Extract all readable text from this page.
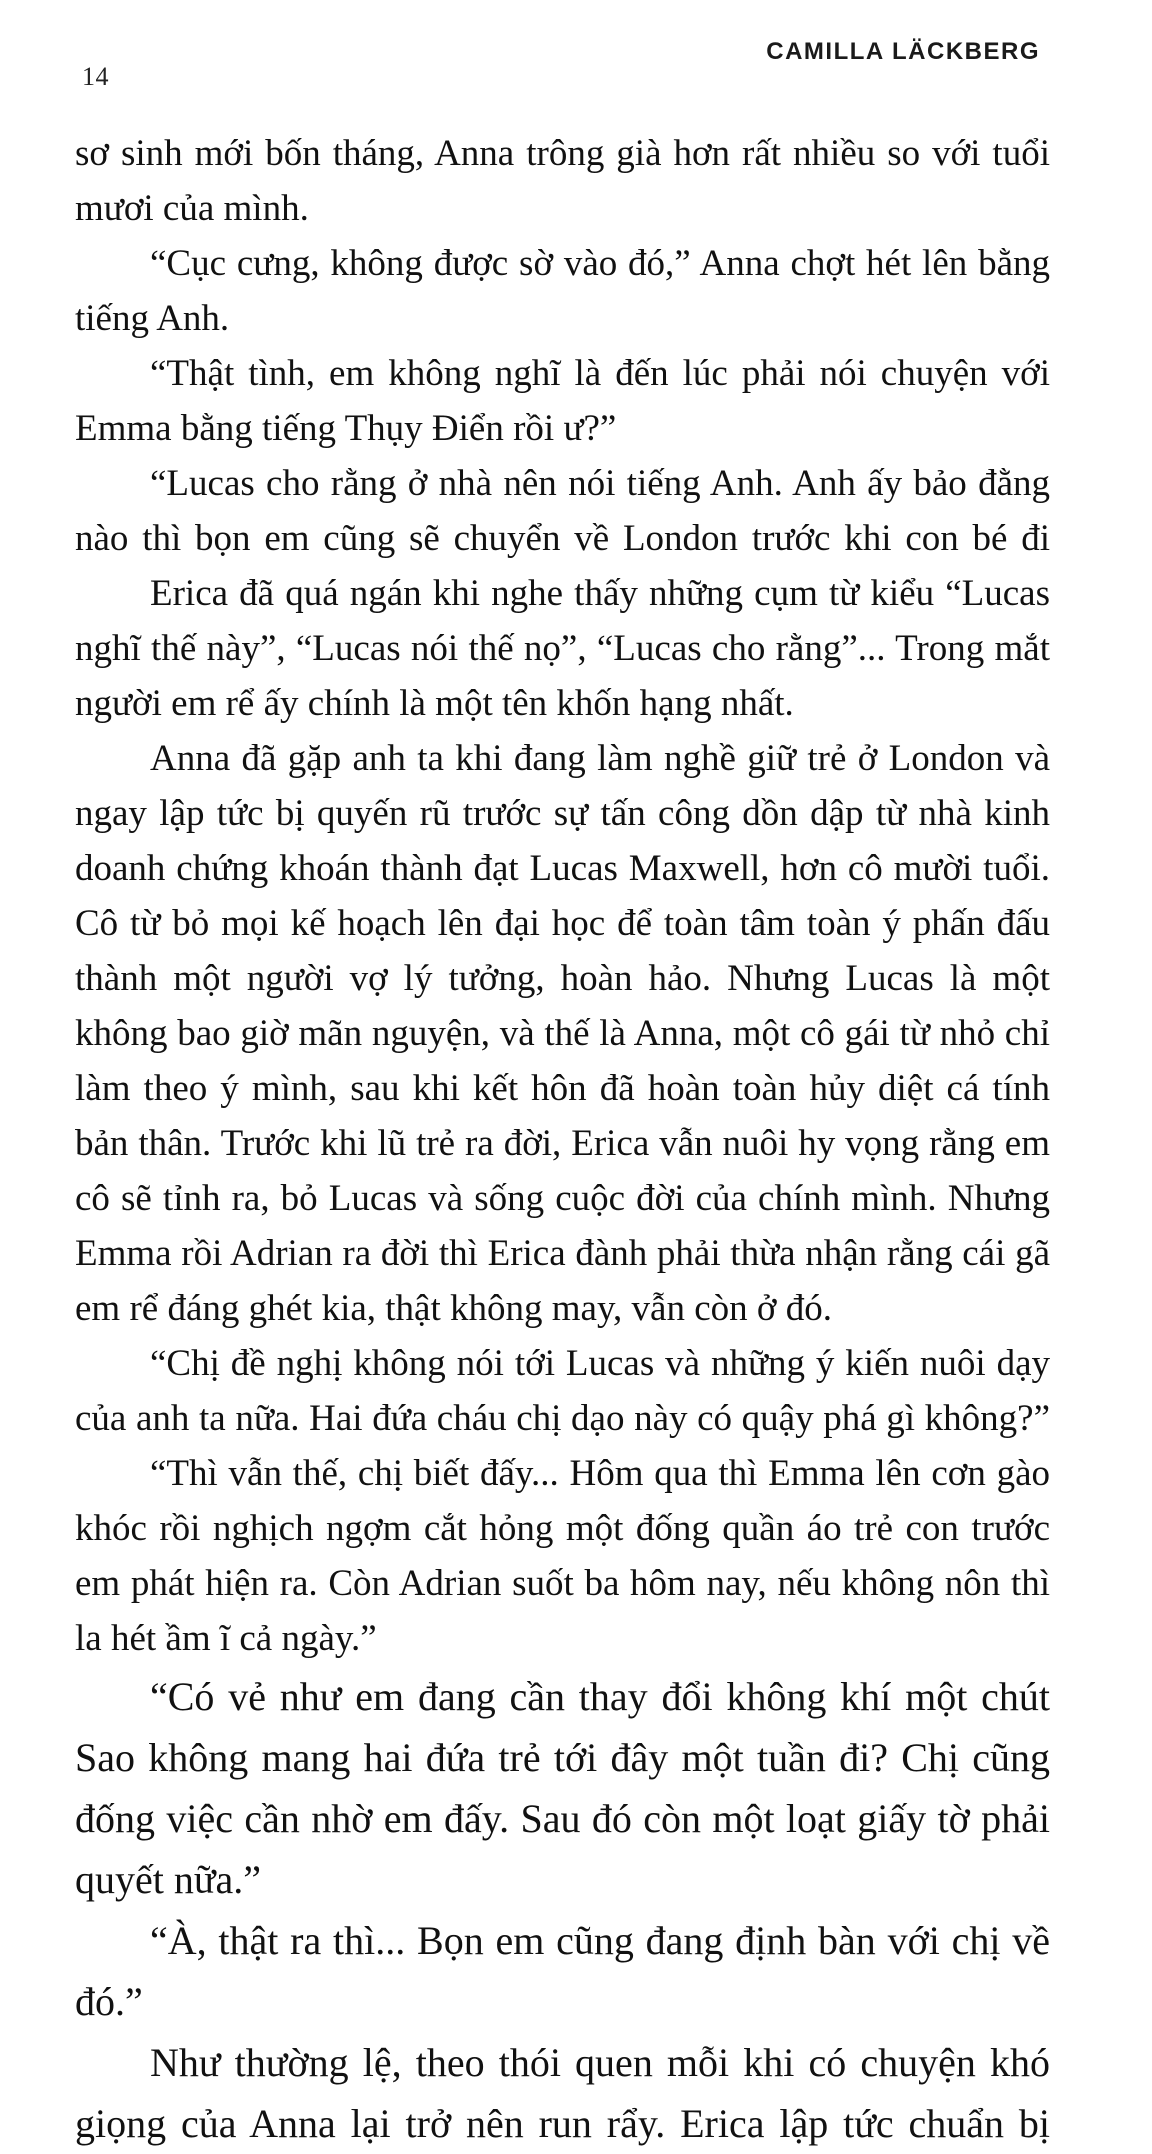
14
CAMILLA LÄCKBERG
sơ sinh mới bốn tháng, Anna trông già hơn rất nhiều so với tuổi
mươi của mình.
“Cục cưng, không được sờ vào đó,” Anna chợt hét lên bằng
tiếng Anh.
“Thật tình, em không nghĩ là đến lúc phải nói chuyện với
Emma bằng tiếng Thụy Điển rồi ư?”
“Lucas cho rằng ở nhà nên nói tiếng Anh. Anh ấy bảo đằng
nào thì bọn em cũng sẽ chuyển về London trước khi con bé đi
Erica đã quá ngán khi nghe thấy những cụm từ kiểu “Lucas
nghĩ thế này”, “Lucas nói thế nọ”, “Lucas cho rằng”... Trong mắt
người em rể ấy chính là một tên khốn hạng nhất.
Anna đã gặp anh ta khi đang làm nghề giữ trẻ ở London và
ngay lập tức bị quyến rũ trước sự tấn công dồn dập từ nhà kinh
doanh chứng khoán thành đạt Lucas Maxwell, hơn cô mười tuổi.
Cô từ bỏ mọi kế hoạch lên đại học để toàn tâm toàn ý phấn đấu
thành một người vợ lý tưởng, hoàn hảo. Nhưng Lucas là một
không bao giờ mãn nguyện, và thế là Anna, một cô gái từ nhỏ chỉ
làm theo ý mình, sau khi kết hôn đã hoàn toàn hủy diệt cá tính
bản thân. Trước khi lũ trẻ ra đời, Erica vẫn nuôi hy vọng rằng em
cô sẽ tỉnh ra, bỏ Lucas và sống cuộc đời của chính mình. Nhưng
Emma rồi Adrian ra đời thì Erica đành phải thừa nhận rằng cái gã
em rể đáng ghét kia, thật không may, vẫn còn ở đó.
“Chị đề nghị không nói tới Lucas và những ý kiến nuôi dạy
của anh ta nữa. Hai đứa cháu chị dạo này có quậy phá gì không?”
“Thì vẫn thế, chị biết đấy... Hôm qua thì Emma lên cơn gào
khóc rồi nghịch ngợm cắt hỏng một đống quần áo trẻ con trước
em phát hiện ra. Còn Adrian suốt ba hôm nay, nếu không nôn thì
la hét ầm ĩ cả ngày.”
“Có vẻ như em đang cần thay đổi không khí một chút
Sao không mang hai đứa trẻ tới đây một tuần đi? Chị cũng
đống việc cần nhờ em đấy. Sau đó còn một loạt giấy tờ phải
quyết nữa.”
“À, thật ra thì... Bọn em cũng đang định bàn với chị về
đó.”
Như thường lệ, theo thói quen mỗi khi có chuyện khó
giọng của Anna lại trở nên run rẩy. Erica lập tức chuẩn bị
